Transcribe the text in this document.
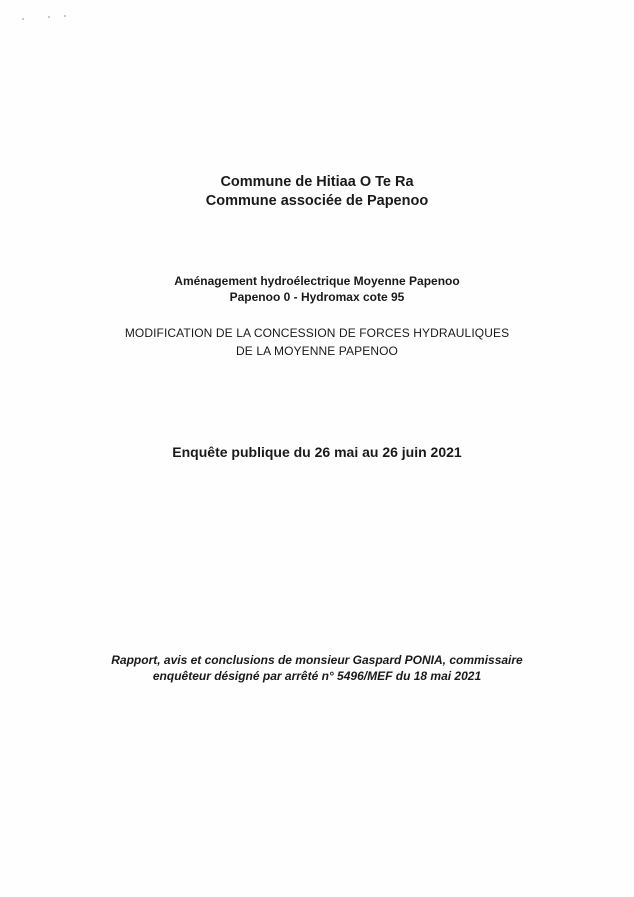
Commune de Hitiaa O Te Ra

Commune associée de Papenoo

Aménagement hydroélectrique Moyenne Papenoo

Papenoo 0 - Hydromax cote 95

MODIFICATION DE LA CONCESSION DE FORCES HYDRAULIQUES

DE LA MOYENNE PAPENOO

Enquête publique du 26 mai au 26 juin 2021

Rapport, avis et conclusions de monsieur Gaspard PONIA, commissaire

enquêteur désigné par arrêté n° 5496/MEF du 18 mai 2021
